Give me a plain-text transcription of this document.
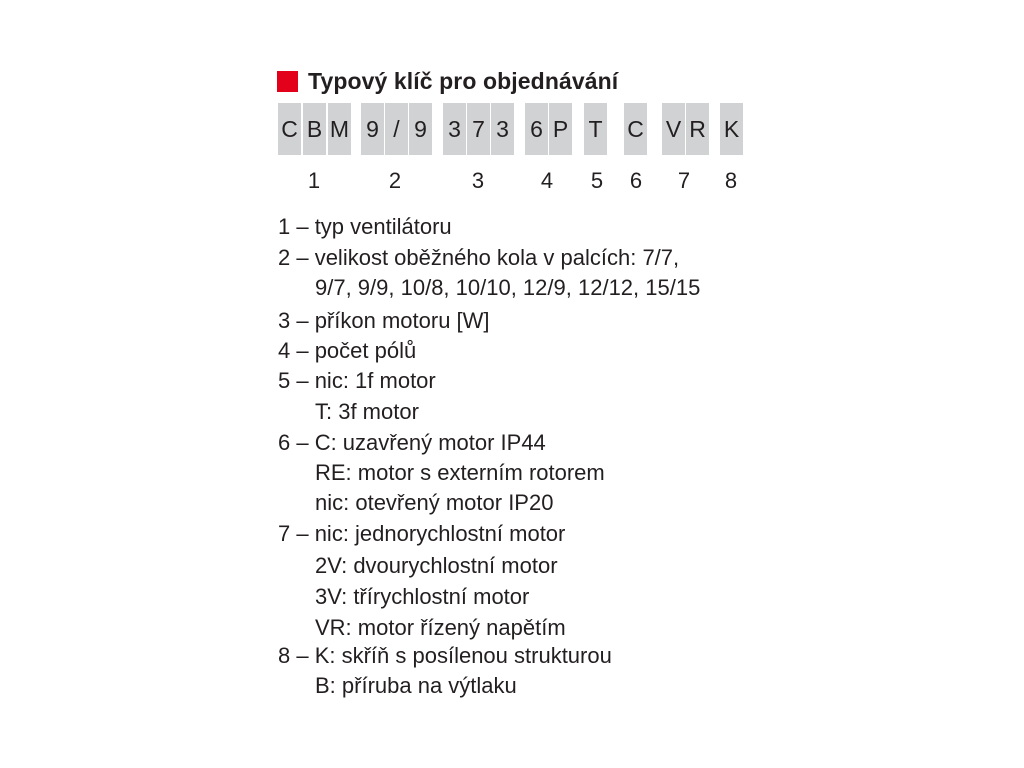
Typový klíč pro objednávání
C B M 9 / 9 3 7 3 6 P T C V R K
1	2	3	4	5	6	7	8
1 – typ ventilátoru
2 – velikost oběžného kola v palcích: 7/7,
9/7, 9/9, 10/8, 10/10, 12/9, 12/12, 15/15
3 – příkon motoru [W]
4 – počet pólů
5 – nic: 1f motor
T: 3f motor
6 – C: uzavřený motor IP44
RE: motor s externím rotorem
nic: otevřený motor IP20
7 – nic: jednorychlostní motor
2V: dvourychlostní motor
3V: třírychlostní motor
VR: motor řízený napětím
8 – K: skříň s posílenou strukturou
B: příruba na výtlaku
